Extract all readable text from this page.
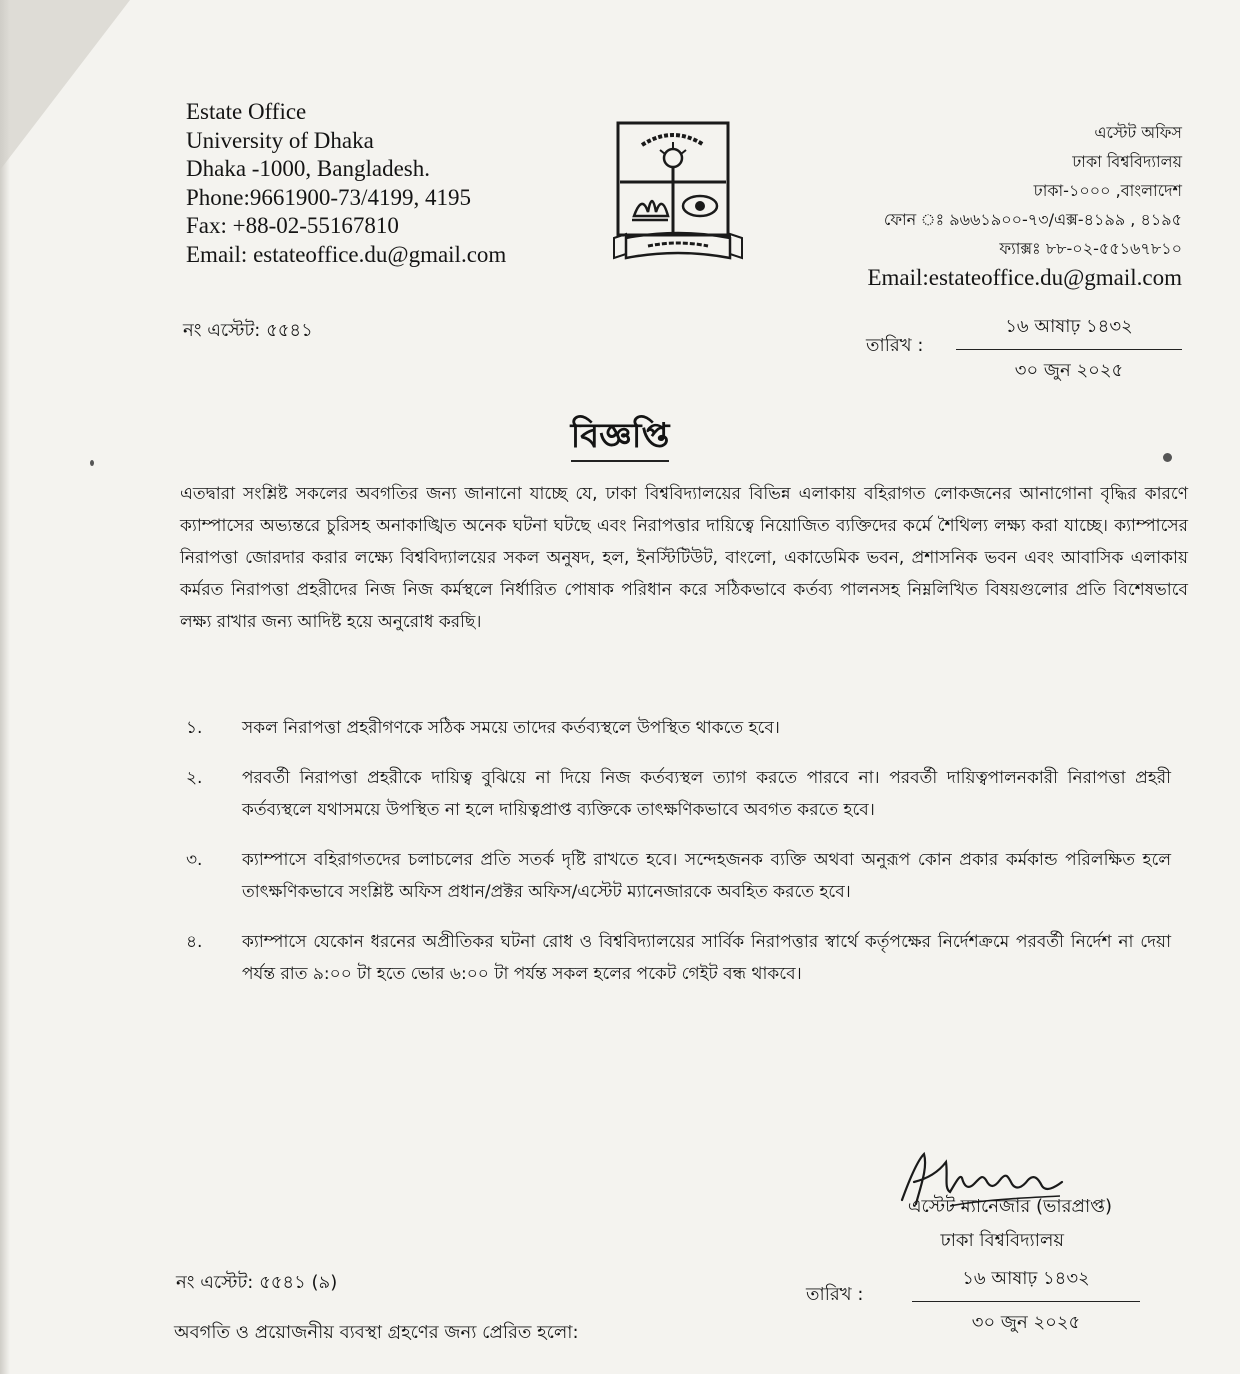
Estate Office
University of Dhaka
Dhaka -1000, Bangladesh.
Phone:9661900-73/4199, 4195
Fax: +88-02-55167810
Email: estateoffice.du@gmail.com
এস্টেট অফিস
ঢাকা বিশ্ববিদ্যালয়
ঢাকা-১০০০ ,বাংলাদেশ
ফোন ঃ ৯৬৬১৯০০-৭৩/এক্স-৪১৯৯ , ৪১৯৫
ফ্যাক্সঃ ৮৮-০২-৫৫১৬৭৮১০
Email:estateoffice.du@gmail.com
নং এস্টেট: ৫৫৪১
তারিখ :
১৬ আষাঢ় ১৪৩২
৩০ জুন ২০২৫
বিজ্ঞপ্তি
এতদ্বারা সংশ্লিষ্ট সকলের অবগতির জন্য জানানো যাচ্ছে যে, ঢাকা বিশ্ববিদ্যালয়ের বিভিন্ন এলাকায় বহিরাগত লোকজনের আনাগোনা বৃদ্ধির কারণে ক্যাম্পাসের অভ্যন্তরে চুরিসহ অনাকাঙ্খিত অনেক ঘটনা ঘটছে এবং নিরাপত্তার দায়িত্বে নিয়োজিত ব্যক্তিদের কর্মে শৈথিল্য লক্ষ্য করা যাচ্ছে। ক্যাম্পাসের নিরাপত্তা জোরদার করার লক্ষ্যে বিশ্ববিদ্যালয়ের সকল অনুষদ, হল, ইনস্টিটিউট, বাংলো, একাডেমিক ভবন, প্রশাসনিক ভবন এবং আবাসিক এলাকায় কর্মরত নিরাপত্তা প্রহরীদের নিজ নিজ কর্মস্থলে নির্ধারিত পোষাক পরিধান করে সঠিকভাবে কর্তব্য পালনসহ নিম্নলিখিত বিষয়গুলোর প্রতি বিশেষভাবে লক্ষ্য রাখার জন্য আদিষ্ট হয়ে অনুরোধ করছি।
১. সকল নিরাপত্তা প্রহরীগণকে সঠিক সময়ে তাদের কর্তব্যস্থলে উপস্থিত থাকতে হবে।
২. পরবর্তী নিরাপত্তা প্রহরীকে দায়িত্ব বুঝিয়ে না দিয়ে নিজ কর্তব্যস্থল ত্যাগ করতে পারবে না। পরবর্তী দায়িত্বপালনকারী নিরাপত্তা প্রহরী কর্তব্যস্থলে যথাসময়ে উপস্থিত না হলে দায়িত্বপ্রাপ্ত ব্যক্তিকে তাৎক্ষণিকভাবে অবগত করতে হবে।
৩. ক্যাম্পাসে বহিরাগতদের চলাচলের প্রতি সতর্ক দৃষ্টি রাখতে হবে। সন্দেহজনক ব্যক্তি অথবা অনুরূপ কোন প্রকার কর্মকান্ড পরিলক্ষিত হলে তাৎক্ষণিকভাবে সংশ্লিষ্ট অফিস প্রধান/প্রক্টর অফিস/এস্টেট ম্যানেজারকে অবহিত করতে হবে।
৪. ক্যাম্পাসে যেকোন ধরনের অপ্রীতিকর ঘটনা রোধ ও বিশ্ববিদ্যালয়ের সার্বিক নিরাপত্তার স্বার্থে কর্তৃপক্ষের নির্দেশক্রমে পরবর্তী নির্দেশ না দেয়া পর্যন্ত রাত ৯:০০ টা হতে ভোর ৬:০০ টা পর্যন্ত সকল হলের পকেট গেইট বন্ধ থাকবে।
এস্টেট ম্যানেজার (ভারপ্রাপ্ত)
ঢাকা বিশ্ববিদ্যালয়
নং এস্টেট: ৫৫৪১ (৯)
তারিখ :
১৬ আষাঢ় ১৪৩২
৩০ জুন ২০২৫
অবগতি ও প্রয়োজনীয় ব্যবস্থা গ্রহণের জন্য প্রেরিত হলো:
